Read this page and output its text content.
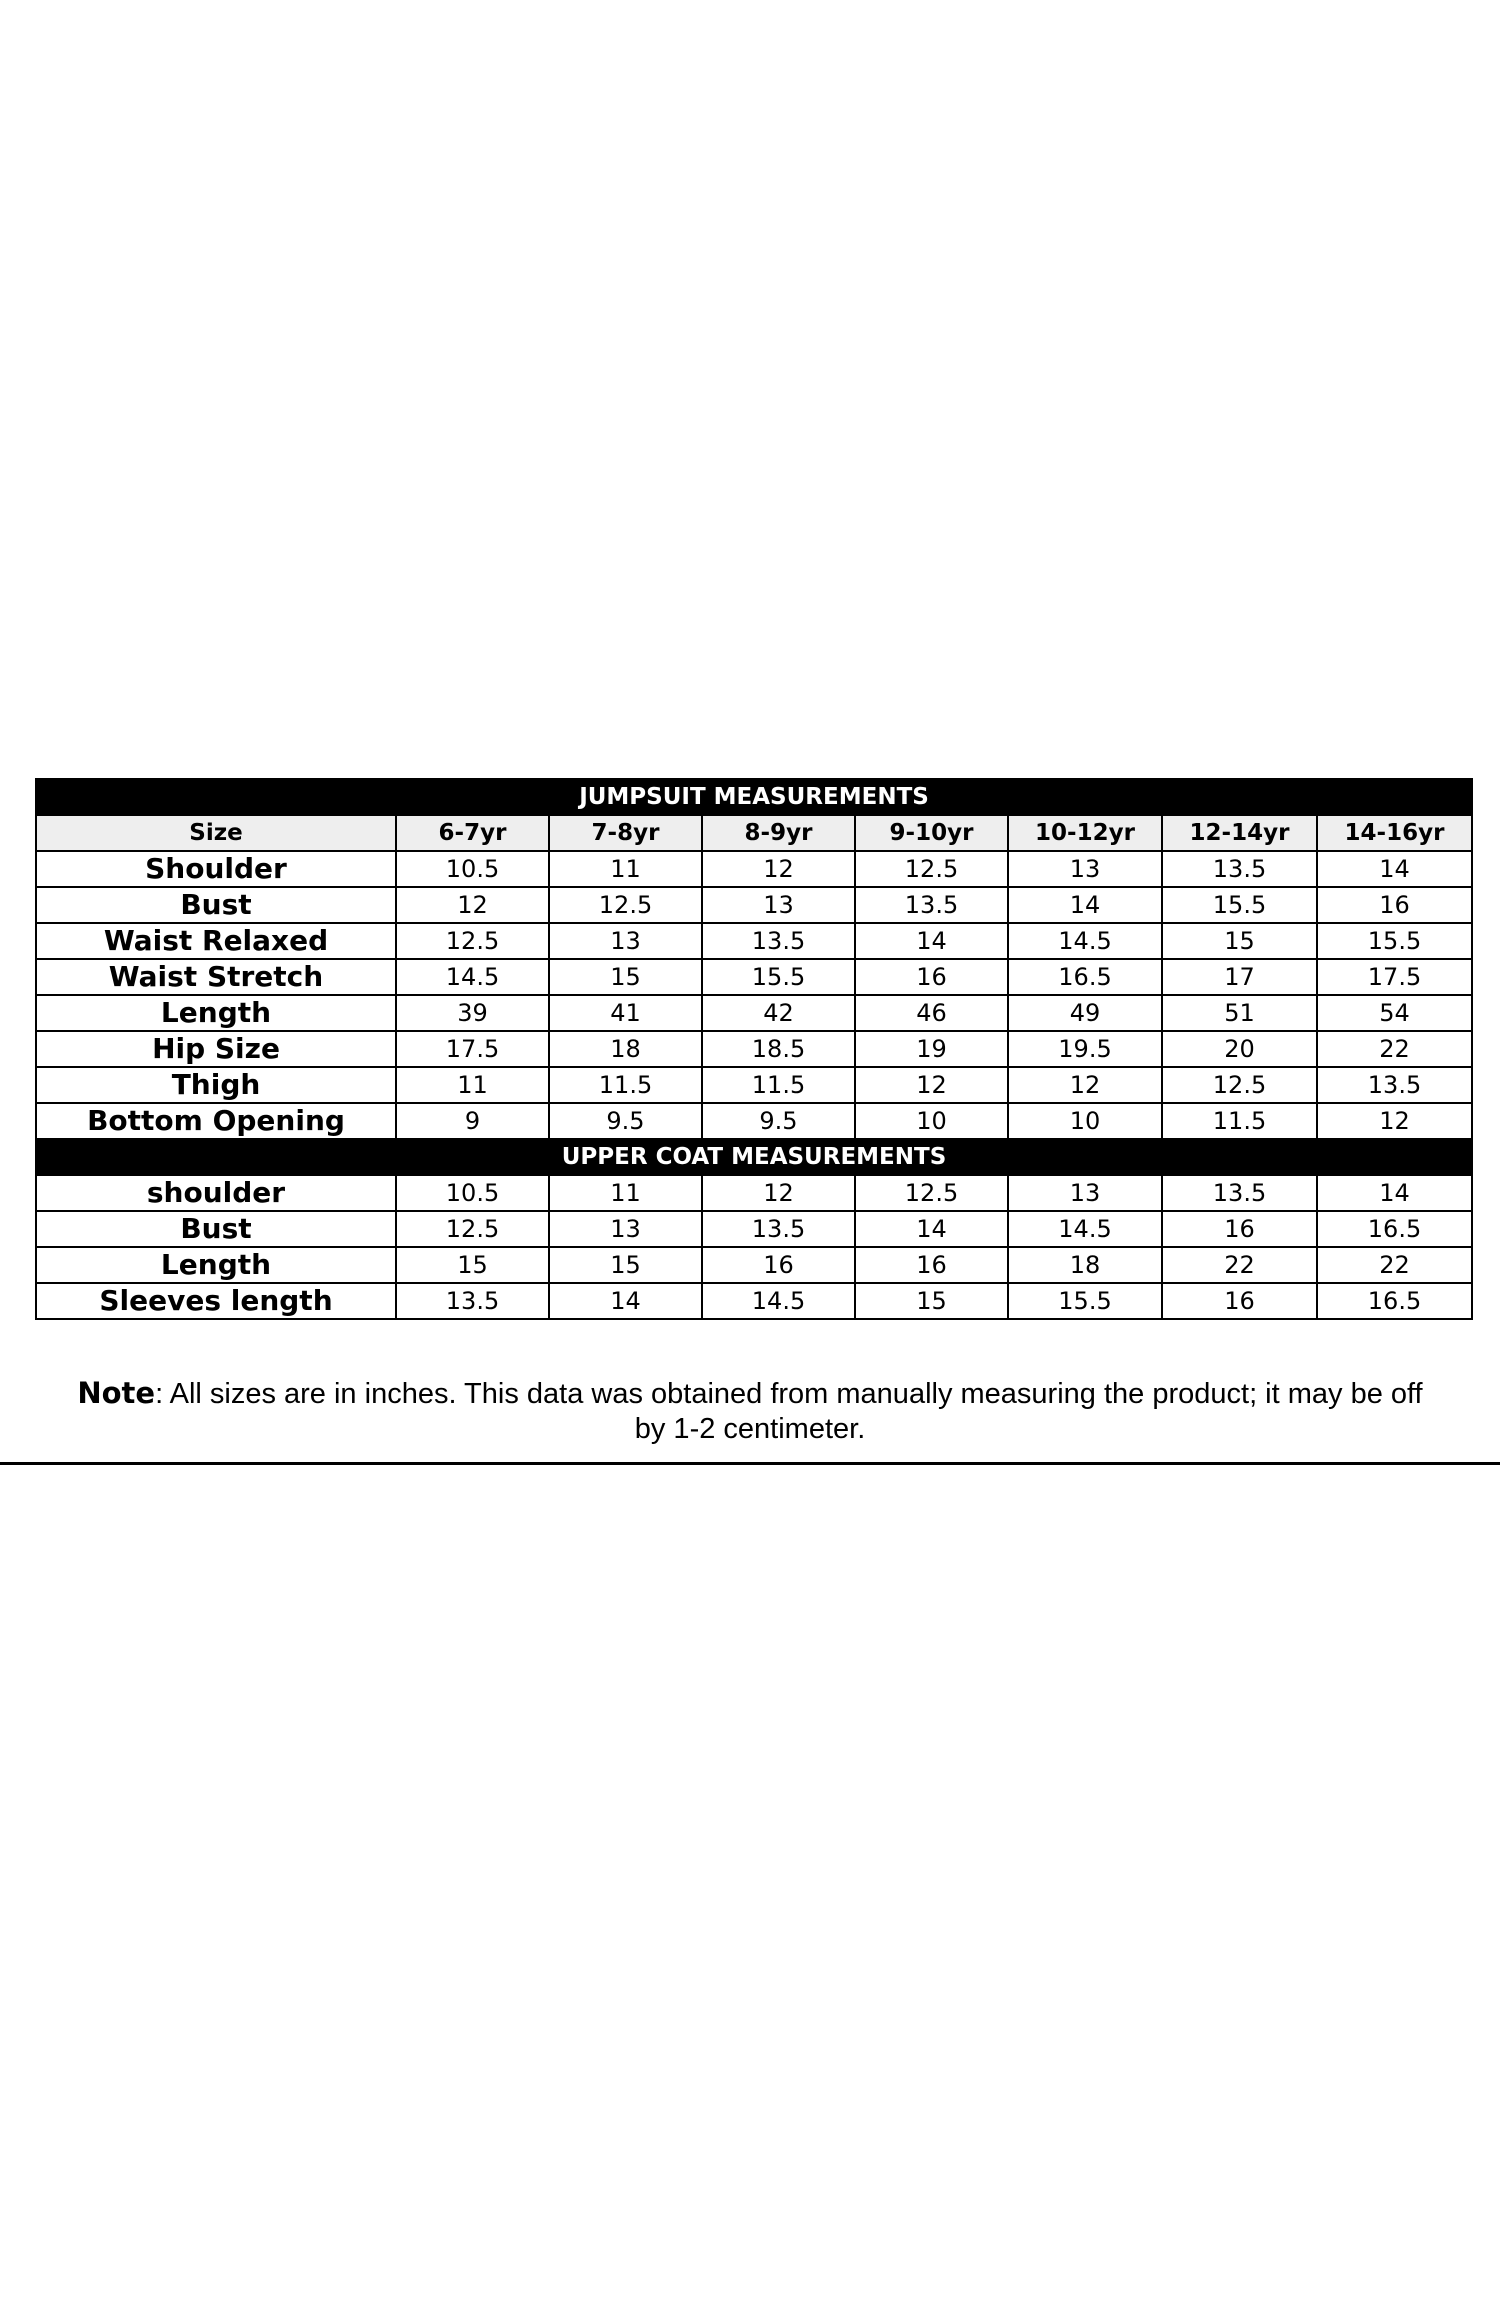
JUMPSUIT MEASUREMENTS							
Size	6-7yr	7-8yr	8-9yr	9-10yr	10-12yr	12-14yr	14-16yr
Shoulder	10.5	11	12	12.5	13	13.5	14
Bust	12	12.5	13	13.5	14	15.5	16
Waist Relaxed	12.5	13	13.5	14	14.5	15	15.5
Waist Stretch	14.5	15	15.5	16	16.5	17	17.5
Length	39	41	42	46	49	51	54
Hip Size	17.5	18	18.5	19	19.5	20	22
Thigh	11	11.5	11.5	12	12	12.5	13.5
Bottom Opening	9	9.5	9.5	10	10	11.5	12
UPPER COAT MEASUREMENTS							
shoulder	10.5	11	12	12.5	13	13.5	14
Bust	12.5	13	13.5	14	14.5	16	16.5
Length	15	15	16	16	18	22	22
Sleeves length	13.5	14	14.5	15	15.5	16	16.5
Note: All sizes are in inches. This data was obtained from manually measuring the product; it may be off by 1-2 centimeter.
